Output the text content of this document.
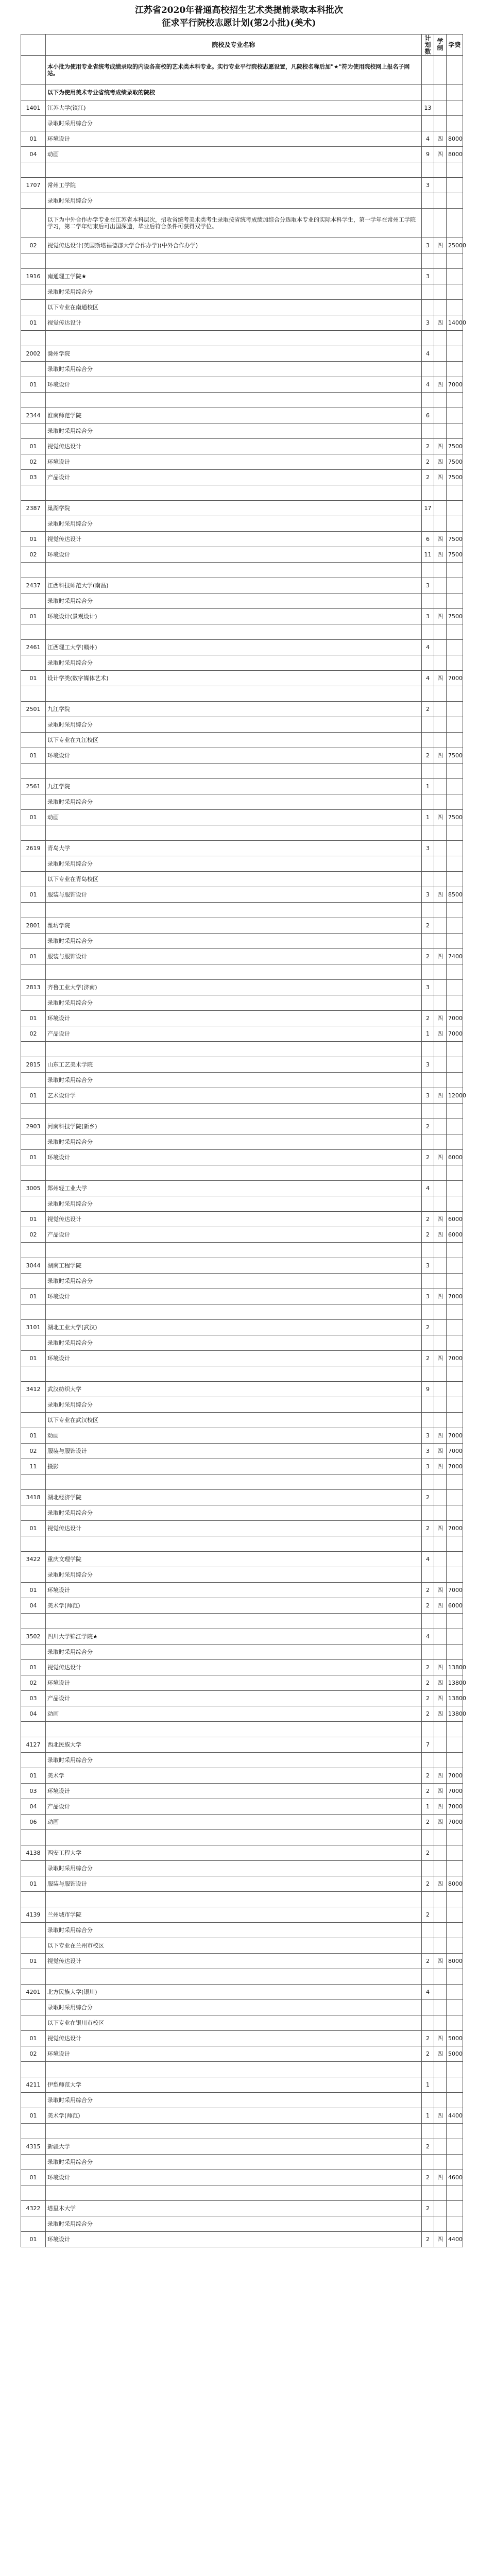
江苏省2020年普通高校招生艺术类提前录取本科批次
征求平行院校志愿计划(第2小批)(美术)
	院校及专业名称	计划数	学制	学费
	本小批为使用专业省统考成绩录取的内设各高校的艺术类本科专业。实行专业平行院校志愿设置，凡院校名称后加"★"符为使用院校网上报名子网站。			
	以下为使用美术专业省统考成绩录取的院校			
1401	江苏大学(镇江)	13		
	录取时采用综合分			
01	环境设计	4	四	8000
04	动画	9	四	8000

1707	常州工学院	3		
	录取时采用综合分			
	以下为中外合作办学专业在江苏省本科层次，招收省统考美术类考生录取按省统考成绩加综合分选取本专业的实际本科学生，第一学年在常州工学院学习，第二学年结束后可出国深造，毕业后符合条件可获得双学位。			
02	视觉传达设计(英国斯塔福德郡大学合作办学)(中外合作办学)	3	四	25000

1916	南通理工学院★	3		
	录取时采用综合分			
	以下专业在南通校区			
01	视觉传达设计	3	四	14000

2002	滁州学院	4		
	录取时采用综合分			
01	环境设计	4	四	7000

2344	淮南师范学院	6		
	录取时采用综合分			
01	视觉传达设计	2	四	7500
02	环境设计	2	四	7500
03	产品设计	2	四	7500

2387	巢湖学院	17		
	录取时采用综合分			
01	视觉传达设计	6	四	7500
02	环境设计	11	四	7500

2437	江西科技师范大学(南昌)	3		
	录取时采用综合分			
01	环境设计(景观设计)	3	四	7500

2461	江西理工大学(赣州)	4		
	录取时采用综合分			
01	设计学类(数字媒体艺术)	4	四	7000

2501	九江学院	2		
	录取时采用综合分			
	以下专业在九江校区			
01	环境设计	2	四	7500

2561	九江学院	1		
	录取时采用综合分			
01	动画	1	四	7500

2619	青岛大学	3		
	录取时采用综合分			
	以下专业在青岛校区			
01	服装与服饰设计	3	四	8500

2801	潍坊学院	2		
	录取时采用综合分			
01	服装与服饰设计	2	四	7400

2813	齐鲁工业大学(济南)	3		
	录取时采用综合分			
01	环境设计	2	四	7000
02	产品设计	1	四	7000

2815	山东工艺美术学院	3		
	录取时采用综合分			
01	艺术设计学	3	四	12000

2903	河南科技学院(新乡)	2		
	录取时采用综合分			
01	环境设计	2	四	6000

3005	郑州轻工业大学	4		
	录取时采用综合分			
01	视觉传达设计	2	四	6000
02	产品设计	2	四	6000

3044	湖南工程学院	3		
	录取时采用综合分			
01	环境设计	3	四	7000

3101	湖北工业大学(武汉)	2		
	录取时采用综合分			
01	环境设计	2	四	7000

3412	武汉纺织大学	9		
	录取时采用综合分			
	以下专业在武汉校区			
01	动画	3	四	7000
02	服装与服饰设计	3	四	7000
11	摄影	3	四	7000

3418	湖北经济学院	2		
	录取时采用综合分			
01	视觉传达设计	2	四	7000

3422	重庆文理学院	4		
	录取时采用综合分			
01	环境设计	2	四	7000
04	美术学(师范)	2	四	6000

3502	四川大学锦江学院★	4		
	录取时采用综合分			
01	视觉传达设计	2	四	13800
02	环境设计	2	四	13800
03	产品设计	2	四	13800
04	动画	2	四	13800

4127	西北民族大学	7		
	录取时采用综合分			
01	美术学	2	四	7000
03	环境设计	2	四	7000
04	产品设计	1	四	7000
06	动画	2	四	7000

4138	西安工程大学	2		
	录取时采用综合分			
01	服装与服饰设计	2	四	8000

4139	兰州城市学院	2		
	录取时采用综合分			
	以下专业在兰州市校区			
01	视觉传达设计	2	四	8000

4201	北方民族大学(银川)	4		
	录取时采用综合分			
	以下专业在银川市校区			
01	视觉传达设计	2	四	5000
02	环境设计	2	四	5000

4211	伊犁师范大学	1		
	录取时采用综合分			
01	美术学(师范)	1	四	4400

4315	新疆大学	2		
	录取时采用综合分			
01	环境设计	2	四	4600

4322	塔里木大学	2		
	录取时采用综合分			
01	环境设计	2	四	4400
